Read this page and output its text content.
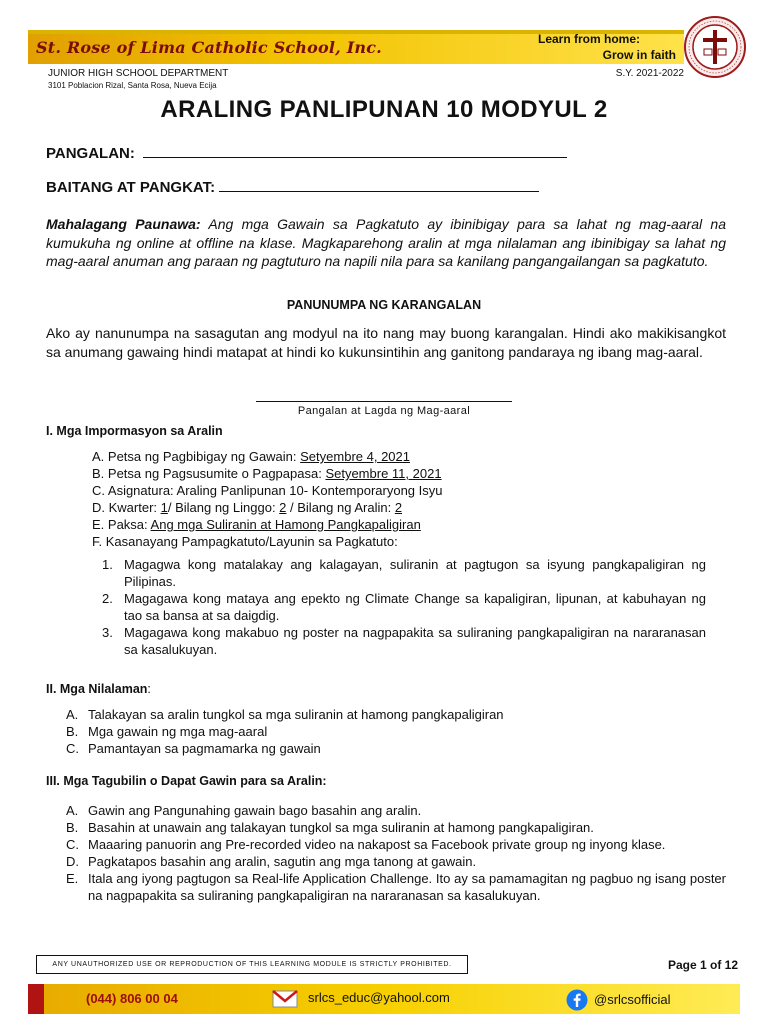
St. Rose of Lima Catholic School, Inc.	Learn from home:
Grow in faith
JUNIOR HIGH SCHOOL DEPARTMENT
3101 Poblacion Rizal, Santa Rosa, Nueva Ecija
S.Y. 2021-2022
ARALING PANLIPUNAN 10 MODYUL 2
PANGALAN:
BAITANG AT PANGKAT:
Mahalagang Paunawa: Ang mga Gawain sa Pagkatuto ay ibinibigay para sa lahat ng mag-aaral na kumukuha ng online at offline na klase. Magkaparehong aralin at mga nilalaman ang ibinibigay sa lahat ng mag-aaral anuman ang paraan ng pagtuturo na napili nila para sa kanilang pangangailangan sa pagkatuto.
PANUNUMPA NG KARANGALAN
Ako ay nanunumpa na sasagutan ang modyul na ito nang may buong karangalan. Hindi ako makikisangkot sa anumang gawaing hindi matapat at hindi ko kukunsintihin ang ganitong pandaraya ng ibang mag-aaral.
Pangalan at Lagda ng Mag-aaral
I. Mga Impormasyon sa Aralin
A. Petsa ng Pagbibigay ng Gawain: Setyembre 4, 2021
B. Petsa ng Pagsusumite o Pagpapasa: Setyembre 11, 2021
C. Asignatura: Araling Panlipunan 10- Kontemporaryong Isyu
D. Kwarter: 1/ Bilang ng Linggo: 2 / Bilang ng Aralin: 2
E. Paksa: Ang mga Suliranin at Hamong Pangkapaligiran
F. Kasanayang Pampagkatuto/Layunin sa Pagkatuto:
1. Magagwa kong matalakay ang kalagayan, suliranin at pagtugon sa isyung pangkapaligiran ng Pilipinas.
2. Magagawa kong mataya ang epekto ng Climate Change sa kapaligiran, lipunan, at kabuhayan ng tao sa bansa at sa daigdig.
3. Magagawa kong makabuo ng poster na nagpapakita sa suliraning pangkapaligiran na nararanasan sa kasalukuyan.
II. Mga Nilalaman:
A. Talakayan sa aralin tungkol sa mga suliranin at hamong pangkapaligiran
B. Mga gawain ng mga mag-aaral
C. Pamantayan sa pagmamarka ng gawain
III. Mga Tagubilin o Dapat Gawin para sa Aralin:
A. Gawin ang Pangunahing gawain bago basahin ang aralin.
B. Basahin at unawain ang talakayan tungkol sa mga suliranin at hamong pangkapaligiran.
C. Maaaring panuorin ang Pre-recorded video na nakapost sa Facebook private group ng inyong klase.
D. Pagkatapos basahin ang aralin, sagutin ang mga tanong at gawain.
E. Itala ang iyong pagtugon sa Real-life Application Challenge. Ito ay sa pamamagitan ng pagbuo ng isang poster na nagpapakita sa suliraning pangkapaligiran na nararanasan sa kasalukuyan.
ANY UNAUTHORIZED USE OR REPRODUCTION OF THIS LEARNING MODULE IS STRICTLY PROHIBITED.	Page 1 of 12
(044) 806 00 04	srlcs_educ@yahool.com	@srlcsofficial
